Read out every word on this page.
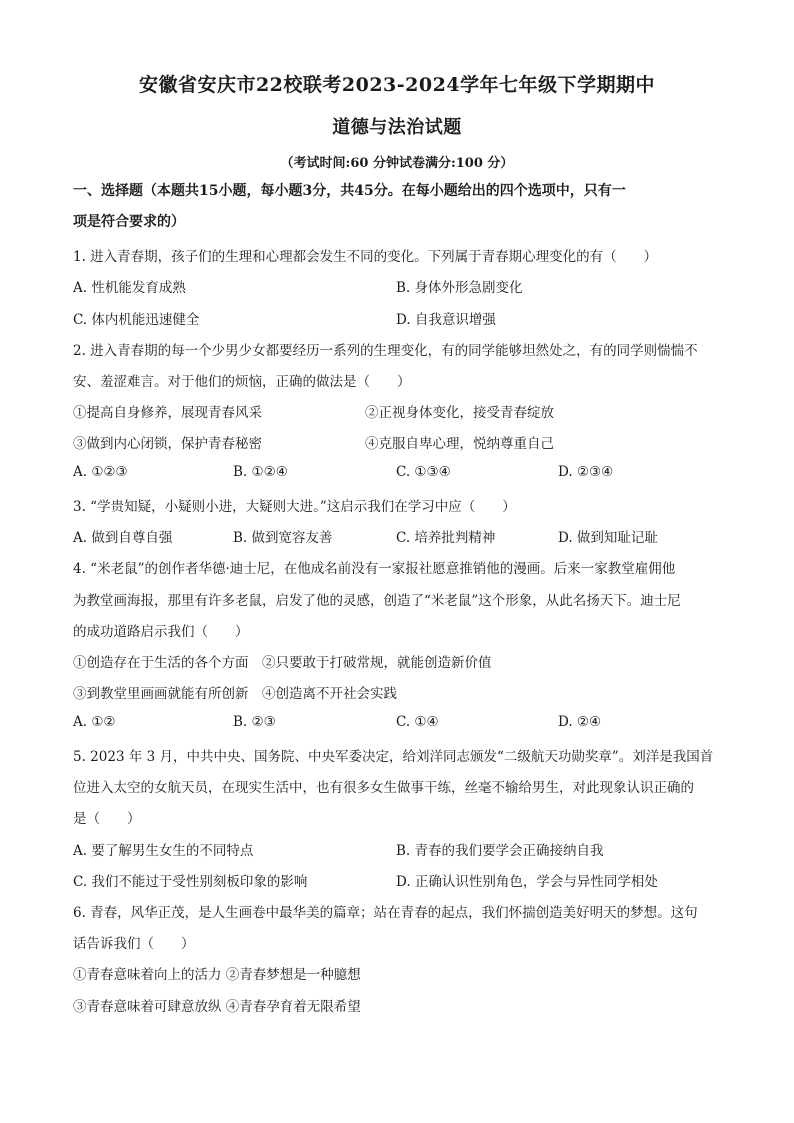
安徽省安庆市22校联考2023-2024学年七年级下学期期中
道德与法治试题
（考试时间:60 分钟试卷满分:100 分）
一、选择题（本题共15小题，每小题3分，共45分。在每小题给出的四个选项中，只有一
项是符合要求的）
1. 进入青春期，孩子们的生理和心理都会发生不同的变化。下列属于青春期心理变化的有（　　）
A. 性机能发育成熟	B. 身体外形急剧变化
C. 体内机能迅速健全	D. 自我意识增强
2. 进入青春期的每一个少男少女都要经历一系列的生理变化，有的同学能够坦然处之，有的同学则惴惴不
安、羞涩难言。对于他们的烦恼，正确的做法是（　　）
①提高自身修养，展现青春风采	②正视身体变化，接受青春绽放
③做到内心闭锁，保护青春秘密	④克服自卑心理，悦纳尊重自己
A. ①②③	B. ①②④	C. ①③④	D. ②③④
3. “学贵知疑，小疑则小进，大疑则大进。”这启示我们在学习中应（　　）
A. 做到自尊自强	B. 做到宽容友善	C. 培养批判精神	D. 做到知耻记耻
4. “米老鼠”的创作者华德·迪士尼，在他成名前没有一家报社愿意推销他的漫画。后来一家教堂雇佣他
为教堂画海报，那里有许多老鼠，启发了他的灵感，创造了“米老鼠”这个形象，从此名扬天下。迪士尼
的成功道路启示我们（　　）
①创造存在于生活的各个方面　②只要敢于打破常规，就能创造新价值
③到教堂里画画就能有所创新　④创造离不开社会实践
A. ①②	B. ②③	C. ①④	D. ②④
5. 2023 年 3 月，中共中央、国务院、中央军委决定，给刘洋同志颁发“二级航天功勋奖章”。刘洋是我国首
位进入太空的女航天员，在现实生活中，也有很多女生做事干练，丝毫不输给男生，对此现象认识正确的
是（　　）
A. 要了解男生女生的不同特点	B. 青春的我们要学会正确接纳自我
C. 我们不能过于受性别刻板印象的影响	D. 正确认识性别角色，学会与异性同学相处
6. 青春，风华正茂，是人生画卷中最华美的篇章；站在青春的起点，我们怀揣创造美好明天的梦想。这句
话告诉我们（　　）
①青春意味着向上的活力 ②青春梦想是一种臆想
③青春意味着可肆意放纵 ④青春孕育着无限希望
